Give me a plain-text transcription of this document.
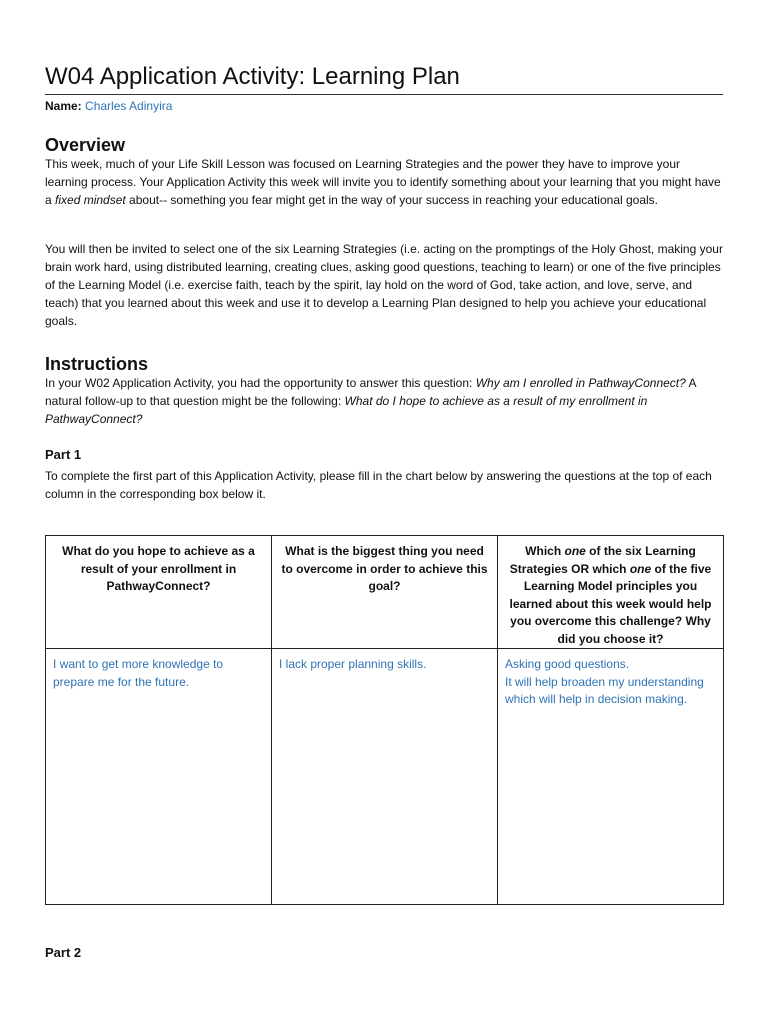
W04 Application Activity: Learning Plan
Name: Charles Adinyira
Overview

This week, much of your Life Skill Lesson was focused on Learning Strategies and the power they have to improve your learning process. Your Application Activity this week will invite you to identify something about your learning that you might have a fixed mindset about-- something you fear might get in the way of your success in reaching your educational goals.

You will then be invited to select one of the six Learning Strategies (i.e. acting on the promptings of the Holy Ghost, making your brain work hard, using distributed learning, creating clues, asking good questions, teaching to learn) or one of the five principles of the Learning Model (i.e. exercise faith, teach by the spirit, lay hold on the word of God, take action, and love, serve, and teach) that you learned about this week and use it to develop a Learning Plan designed to help you achieve your educational goals.

Instructions

In your W02 Application Activity, you had the opportunity to answer this question: Why am I enrolled in PathwayConnect? A natural follow-up to that question might be the following: What do I hope to achieve as a result of my enrollment in PathwayConnect?

Part 1

To complete the first part of this Application Activity, please fill in the chart below by answering the questions at the top of each column in the corresponding box below it.

What do you hope to achieve as a result of your enrollment in PathwayConnect?	What is the biggest thing you need to overcome in order to achieve this goal?	Which one of the six Learning Strategies OR which one of the five Learning Model principles you learned about this week would help you overcome this challenge? Why did you choose it?
I want to get more knowledge to prepare me for the future.	I lack proper planning skills.	Asking good questions.
It will help broaden my understanding which will help in decision making.
Part 2
